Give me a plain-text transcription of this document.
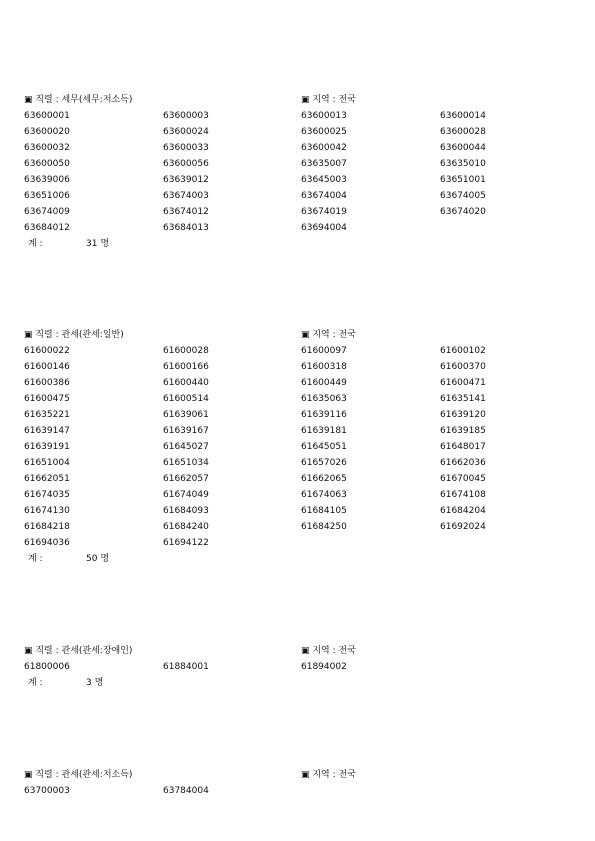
▣ 직렬 : 세무(세무:저소득)	▣ 지역 : 전국
63600001	63600003	63600013	63600014
63600020	63600024	63600025	63600028
63600032	63600033	63600042	63600044
63600050	63600056	63635007	63635010
63639006	63639012	63645003	63651001
63651006	63674003	63674004	63674005
63674009	63674012	63674019	63674020
63684012	63684013	63694004
계 :	31 명
▣ 직렬 : 관세(관세:일반)	▣ 지역 : 전국
61600022	61600028	61600097	61600102
61600146	61600166	61600318	61600370
61600386	61600440	61600449	61600471
61600475	61600514	61635063	61635141
61635221	61639061	61639116	61639120
61639147	61639167	61639181	61639185
61639191	61645027	61645051	61648017
61651004	61651034	61657026	61662036
61662051	61662057	61662065	61670045
61674035	61674049	61674063	61674108
61674130	61684093	61684105	61684204
61684218	61684240	61684250	61692024
61694036	61694122
계 :	50 명
▣ 직렬 : 관세(관세:장애인)	▣ 지역 : 전국
61800006	61884001	61894002
계 :	3 명
▣ 직렬 : 관세(관세:저소득)	▣ 지역 : 전국
63700003	63784004
